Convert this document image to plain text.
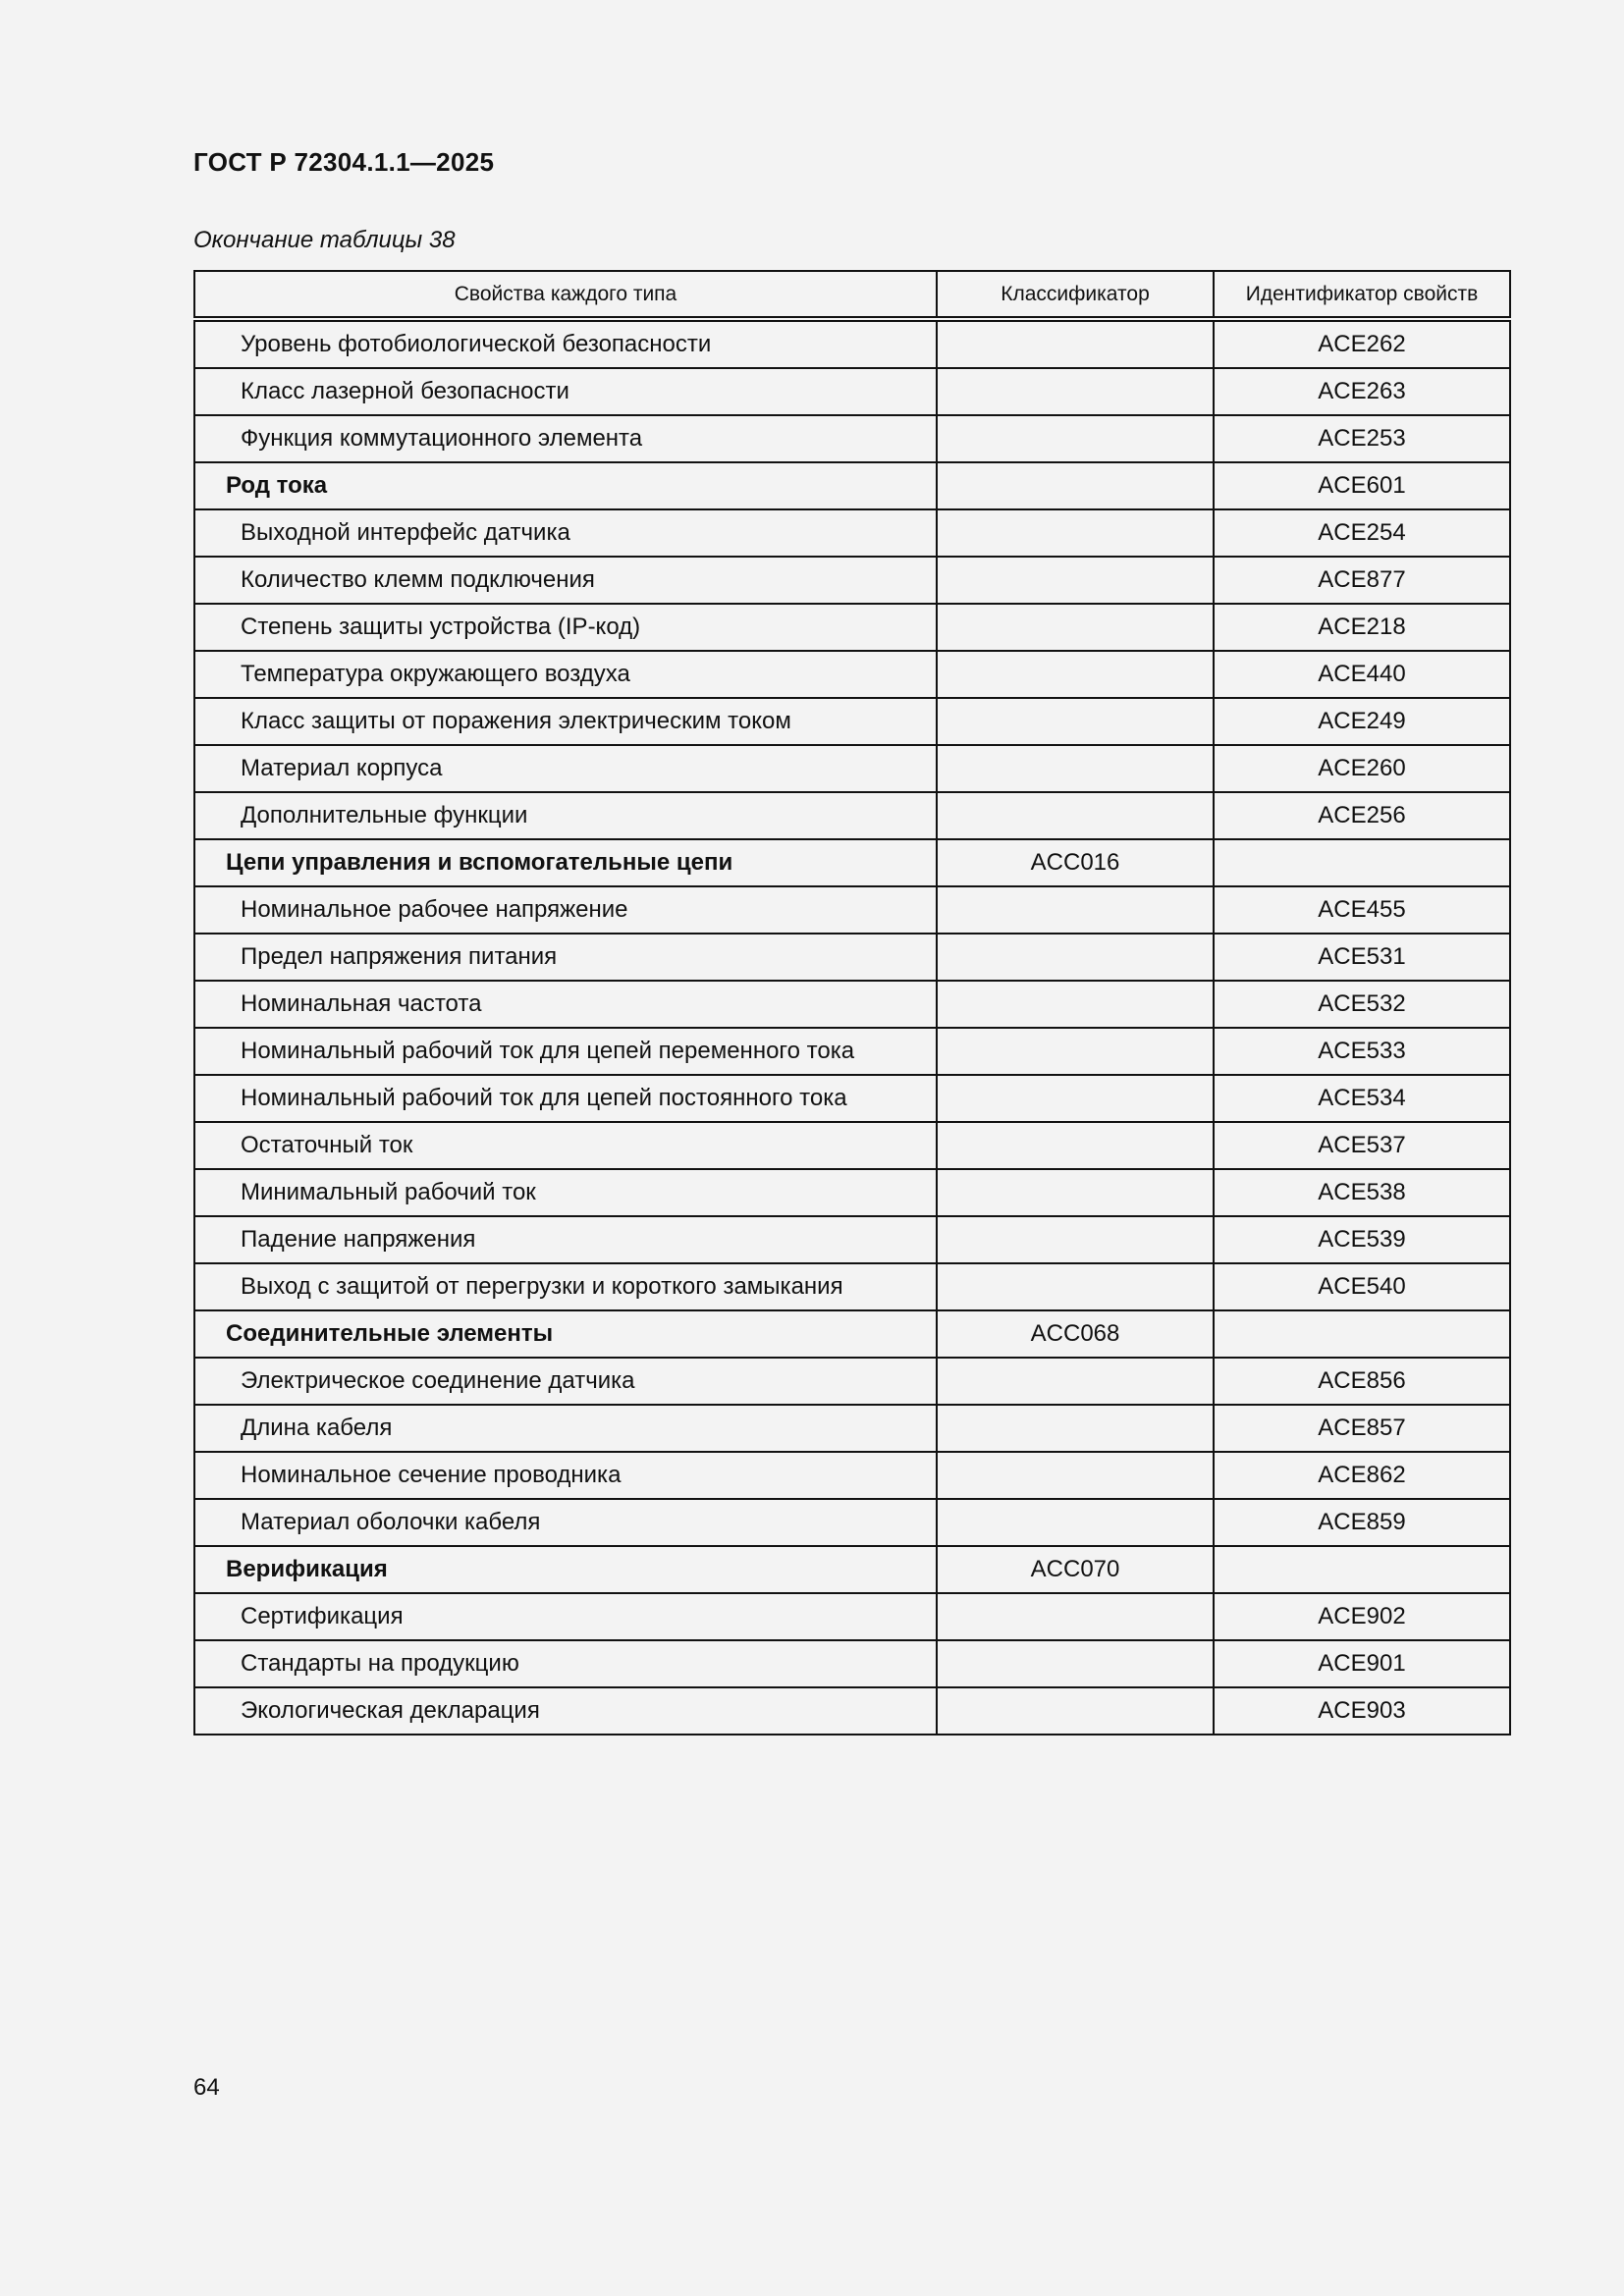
ГОСТ Р 72304.1.1—2025

Окончание таблицы 38

Свойства каждого типа	Классификатор	Идентификатор свойств
Уровень фотобиологической безопасности		ACE262
Класс лазерной безопасности		ACE263
Функция коммутационного элемента		ACE253
Род тока		ACE601
Выходной интерфейс датчика		ACE254
Количество клемм подключения		ACE877
Степень защиты устройства (IP-код)		ACE218
Температура окружающего воздуха		ACE440
Класс защиты от поражения электрическим током		ACE249
Материал корпуса		ACE260
Дополнительные функции		ACE256
Цепи управления и вспомогательные цепи	ACC016	
Номинальное рабочее напряжение		ACE455
Предел напряжения питания		ACE531
Номинальная частота		ACE532
Номинальный рабочий ток для цепей переменного тока		ACE533
Номинальный рабочий ток для цепей постоянного тока		ACE534
Остаточный ток		ACE537
Минимальный рабочий ток		ACE538
Падение напряжения		ACE539
Выход с защитой от перегрузки и короткого замыкания		ACE540
Соединительные элементы	ACC068	
Электрическое соединение датчика		ACE856
Длина кабеля		ACE857
Номинальное сечение проводника		ACE862
Материал оболочки кабеля		ACE859
Верификация	ACC070	
Сертификация		ACE902
Стандарты на продукцию		ACE901
Экологическая декларация		ACE903

64
